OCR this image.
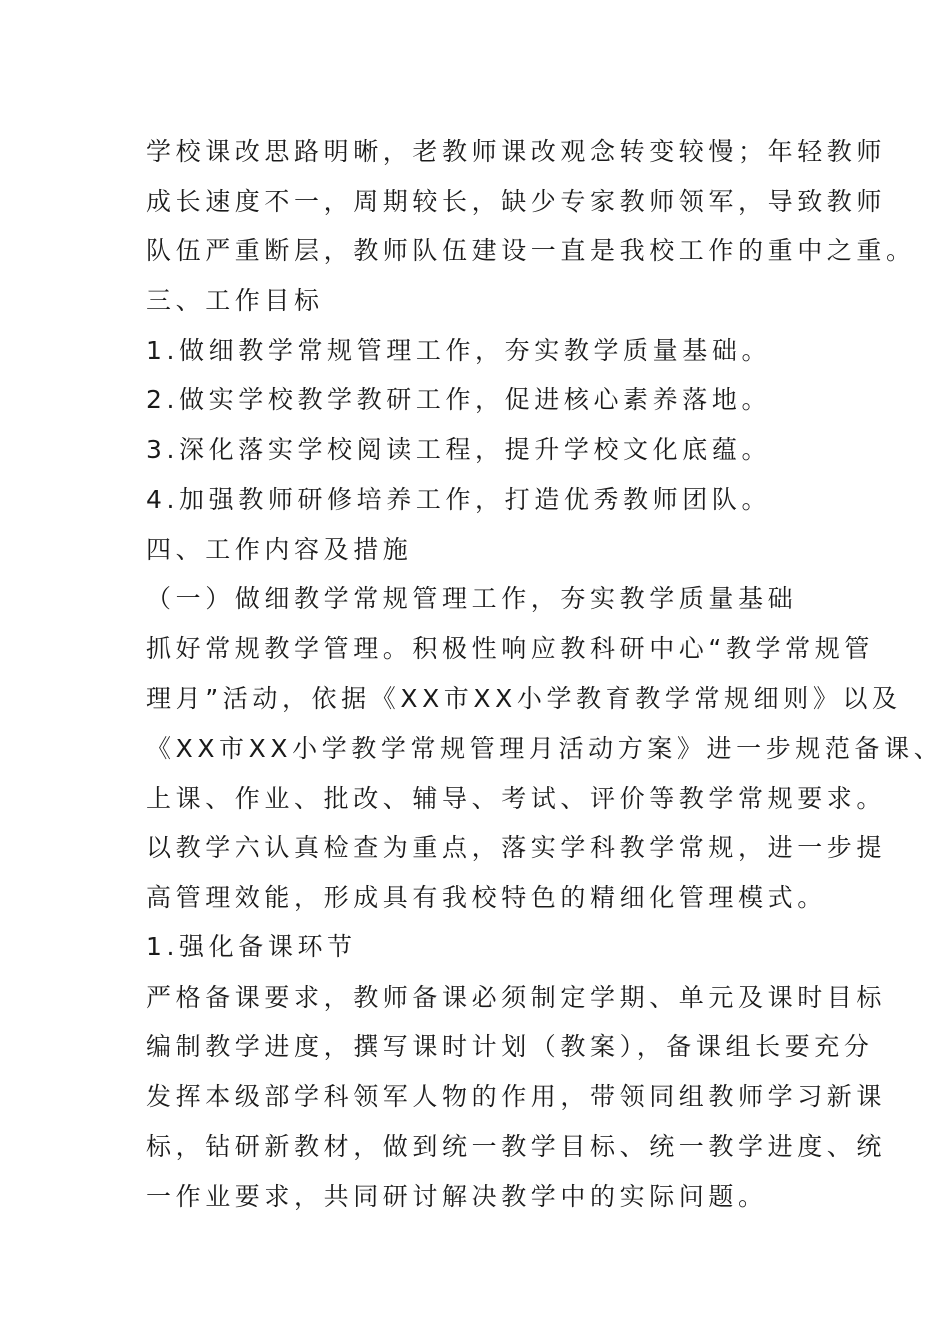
学校课改思路明晰，老教师课改观念转变较慢；年轻教师
成长速度不一，周期较长，缺少专家教师领军，导致教师
队伍严重断层，教师队伍建设一直是我校工作的重中之重。
三、工作目标
1.做细教学常规管理工作，夯实教学质量基础。
2.做实学校教学教研工作，促进核心素养落地。
3.深化落实学校阅读工程，提升学校文化底蕴。
4.加强教师研修培养工作，打造优秀教师团队。
四、工作内容及措施
（一）做细教学常规管理工作，夯实教学质量基础
抓好常规教学管理。积极性响应教科研中心“教学常规管
理月”活动，依据《XX市XX小学教育教学常规细则》以及
《XX市XX小学教学常规管理月活动方案》进一步规范备课、
上课、作业、批改、辅导、考试、评价等教学常规要求。
以教学六认真检查为重点，落实学科教学常规，进一步提
高管理效能，形成具有我校特色的精细化管理模式。
1.强化备课环节
严格备课要求，教师备课必须制定学期、单元及课时目标
编制教学进度，撰写课时计划（教案），备课组长要充分
发挥本级部学科领军人物的作用，带领同组教师学习新课
标，钻研新教材，做到统一教学目标、统一教学进度、统
一作业要求，共同研讨解决教学中的实际问题。
